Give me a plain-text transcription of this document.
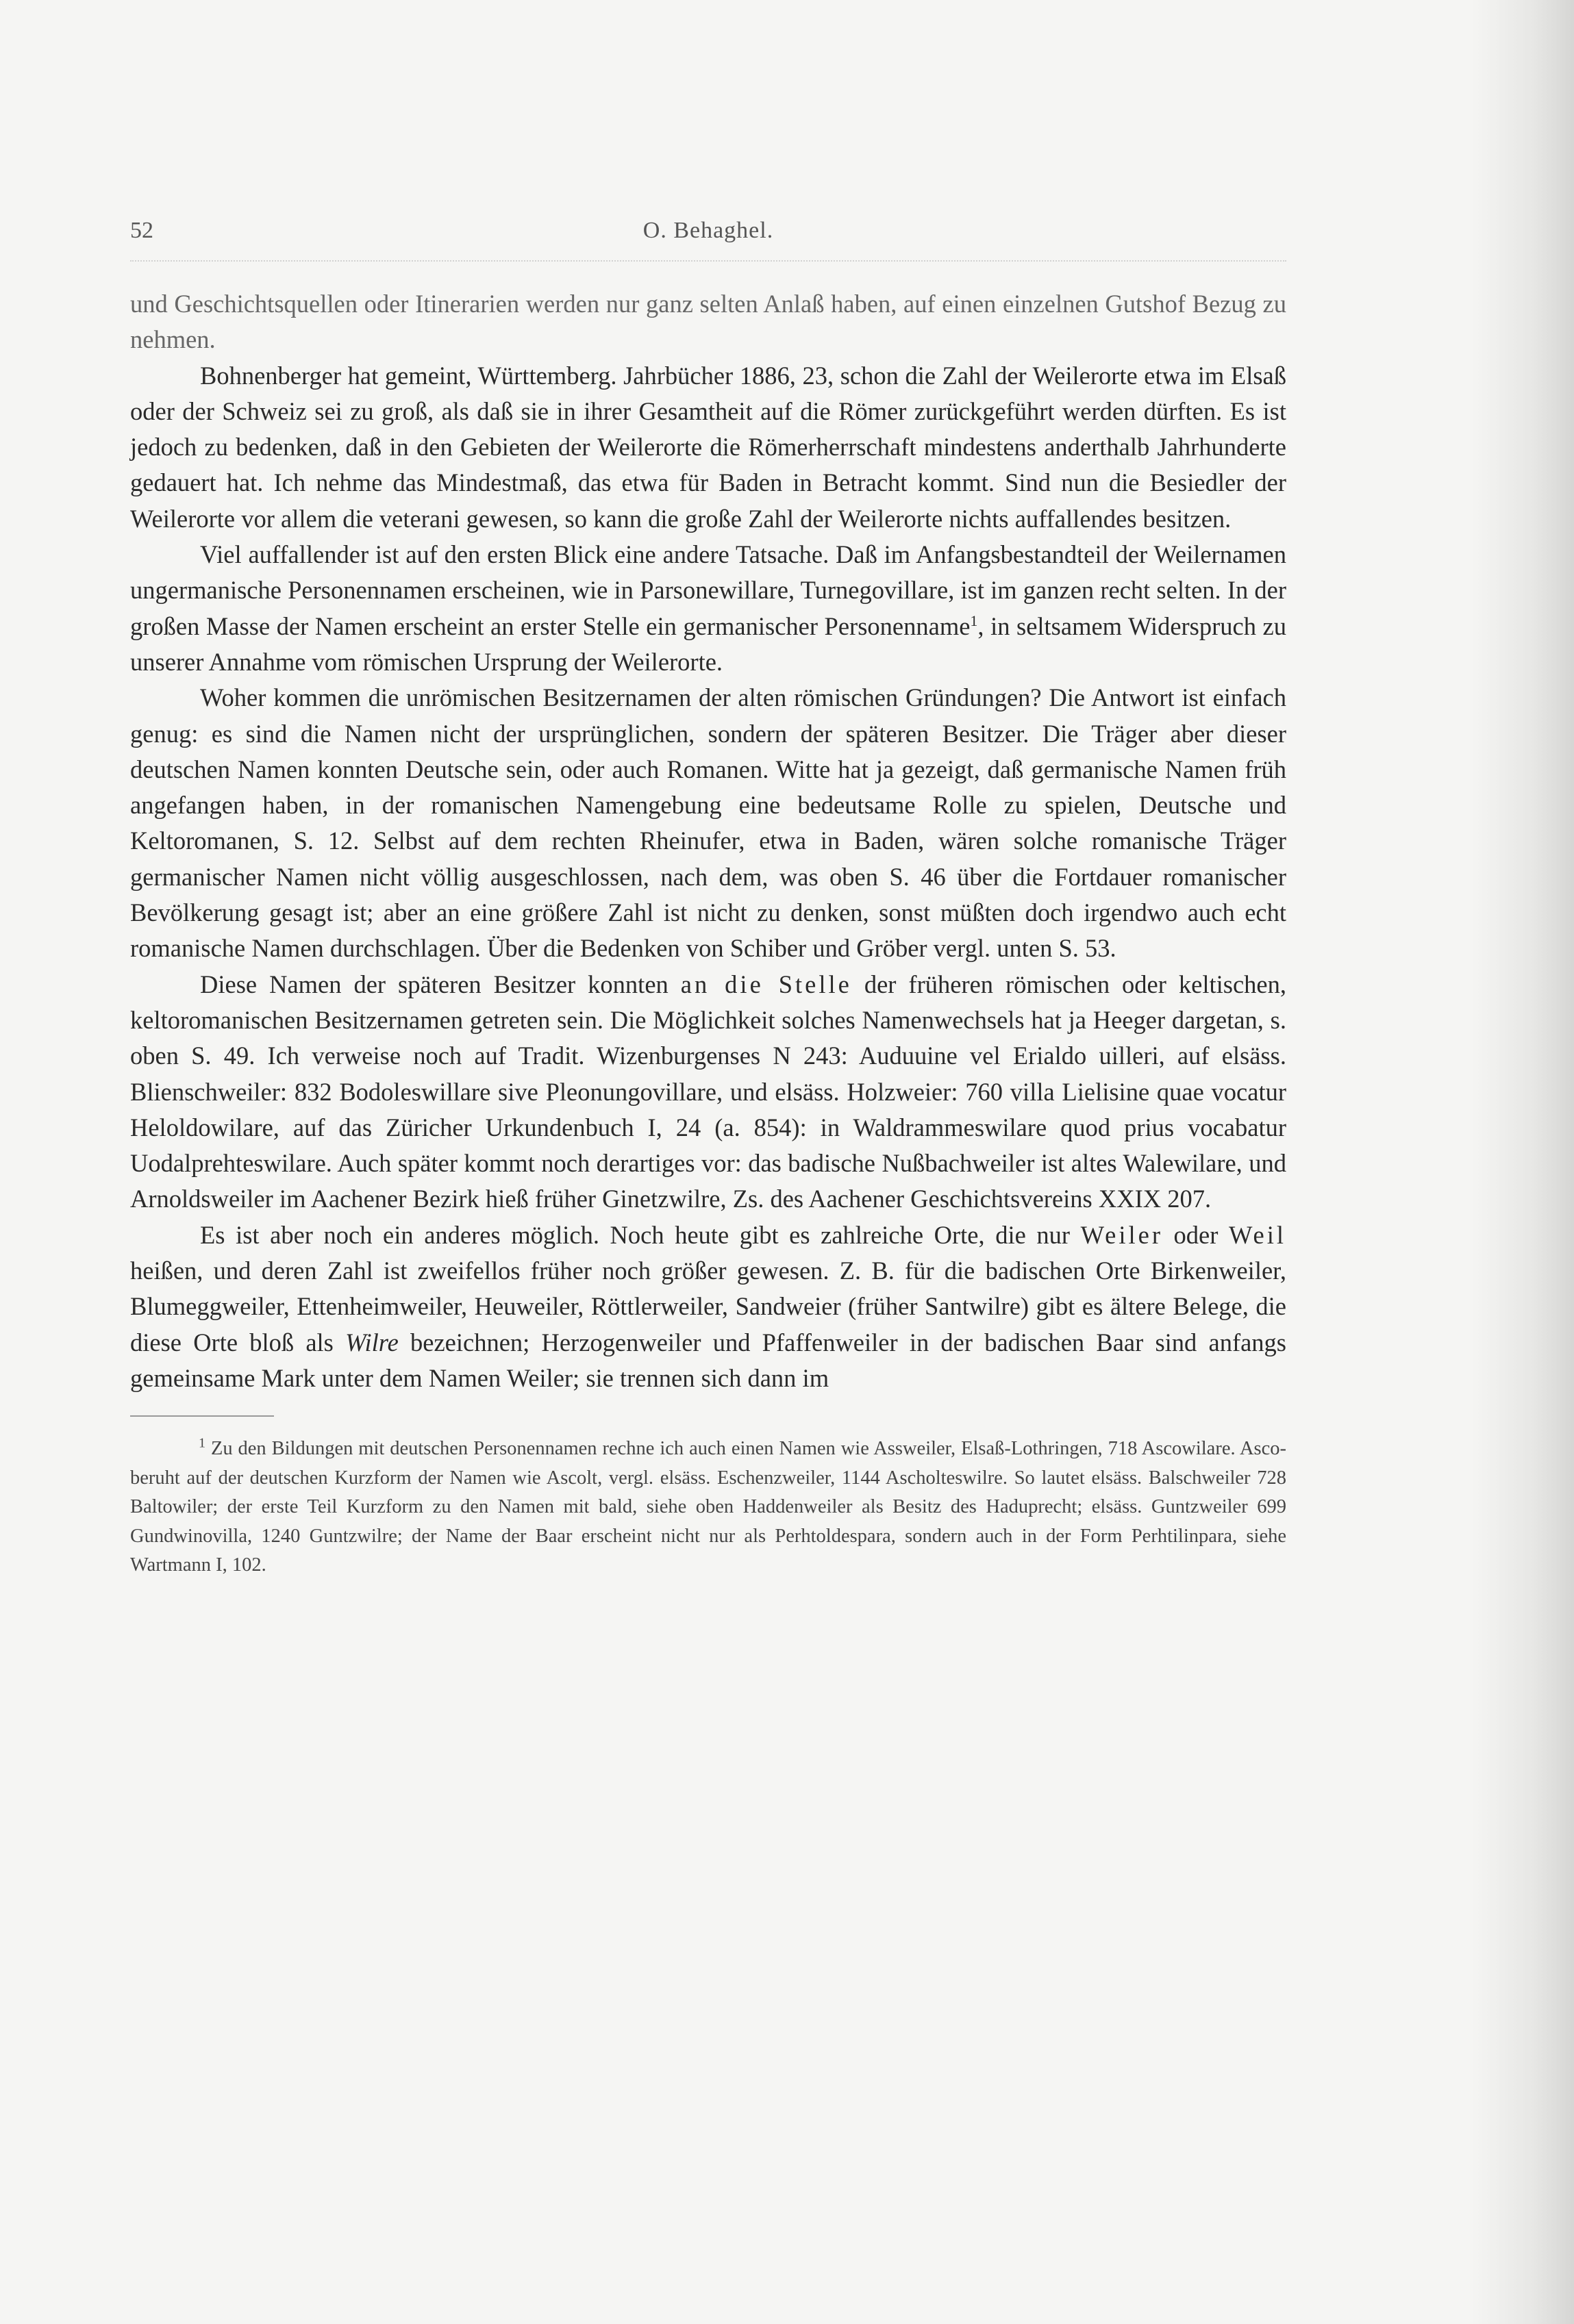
52	O. Behaghel.

und Geschichtsquellen oder Itinerarien werden nur ganz selten Anlaß haben, auf einen einzelnen Gutshof Bezug zu nehmen.

Bohnenberger hat gemeint, Württemberg. Jahrbücher 1886, 23, schon die Zahl der Weilerorte etwa im Elsaß oder der Schweiz sei zu groß, als daß sie in ihrer Gesamtheit auf die Römer zurückgeführt werden dürften. Es ist jedoch zu bedenken, daß in den Gebieten der Weilerorte die Römerherrschaft mindestens anderthalb Jahrhunderte gedauert hat. Ich nehme das Mindestmaß, das etwa für Baden in Betracht kommt. Sind nun die Besiedler der Weilerorte vor allem die veterani gewesen, so kann die große Zahl der Weilerorte nichts auffallendes besitzen.

Viel auffallender ist auf den ersten Blick eine andere Tatsache. Daß im Anfangsbestandteil der Weilernamen ungermanische Personennamen erscheinen, wie in Parsonewillare, Turnegovillare, ist im ganzen recht selten. In der großen Masse der Namen erscheint an erster Stelle ein germanischer Personenname$^1$, in seltsamem Widerspruch zu unserer Annahme vom römischen Ursprung der Weilerorte.

Woher kommen die unrömischen Besitzernamen der alten römischen Gründungen? Die Antwort ist einfach genug: es sind die Namen nicht der ursprünglichen, sondern der späteren Besitzer. Die Träger aber dieser deutschen Namen konnten Deutsche sein, oder auch Romanen. Witte hat ja gezeigt, daß germanische Namen früh angefangen haben, in der romanischen Namengebung eine bedeutsame Rolle zu spielen, Deutsche und Keltoromanen, S. 12. Selbst auf dem rechten Rheinufer, etwa in Baden, wären solche romanische Träger germanischer Namen nicht völlig ausgeschlossen, nach dem, was oben S. 46 über die Fortdauer romanischer Bevölkerung gesagt ist; aber an eine größere Zahl ist nicht zu denken, sonst müßten doch irgendwo auch echt romanische Namen durchschlagen. Über die Bedenken von Schiber und Gröber vergl. unten S. 53.

Diese Namen der späteren Besitzer konnten an die Stelle der früheren römischen oder keltischen, keltoromanischen Besitzernamen getreten sein. Die Möglichkeit solches Namenwechsels hat ja Heeger dargetan, s. oben S. 49. Ich verweise noch auf Tradit. Wizenburgenses N 243: Auduuine vel Erialdo uilleri, auf elsäss. Blienschweiler: 832 Bodoleswillare sive Pleonungovillare, und elsäss. Holzweier: 760 villa Lielisine quae vocatur Heloldowilare, auf das Züricher Urkundenbuch I, 24 (a. 854): in Waldrammeswilare quod prius vocabatur Uodalprehteswilare. Auch später kommt noch derartiges vor: das badische Nußbachweiler ist altes Walewilare, und Arnoldsweiler im Aachener Bezirk hieß früher Ginetzwilre, Zs. des Aachener Geschichtsvereins XXIX 207.

Es ist aber noch ein anderes möglich. Noch heute gibt es zahlreiche Orte, die nur Weiler oder Weil heißen, und deren Zahl ist zweifellos früher noch größer gewesen. Z. B. für die badischen Orte Birkenweiler, Blumeggweiler, Ettenheimweiler, Heuweiler, Röttlerweiler, Sandweier (früher Santwilre) gibt es ältere Belege, die diese Orte bloß als Wilre bezeichnen; Herzogenweiler und Pfaffenweiler in der badischen Baar sind anfangs gemeinsame Mark unter dem Namen Weiler; sie trennen sich dann im

$^1$ Zu den Bildungen mit deutschen Personennamen rechne ich auch einen Namen wie Assweiler, Elsaß-Lothringen, 718 Ascowilare. Asco- beruht auf der deutschen Kurzform der Namen wie Ascolt, vergl. elsäss. Eschenzweiler, 1144 Ascholteswilre. So lautet elsäss. Balschweiler 728 Baltowiler; der erste Teil Kurzform zu den Namen mit bald, siehe oben Haddenweiler als Besitz des Haduprecht; elsäss. Guntzweiler 699 Gundwinovilla, 1240 Guntzwilre; der Name der Baar erscheint nicht nur als Perhtoldespara, sondern auch in der Form Perhtilinpara, siehe Wartmann I, 102.
